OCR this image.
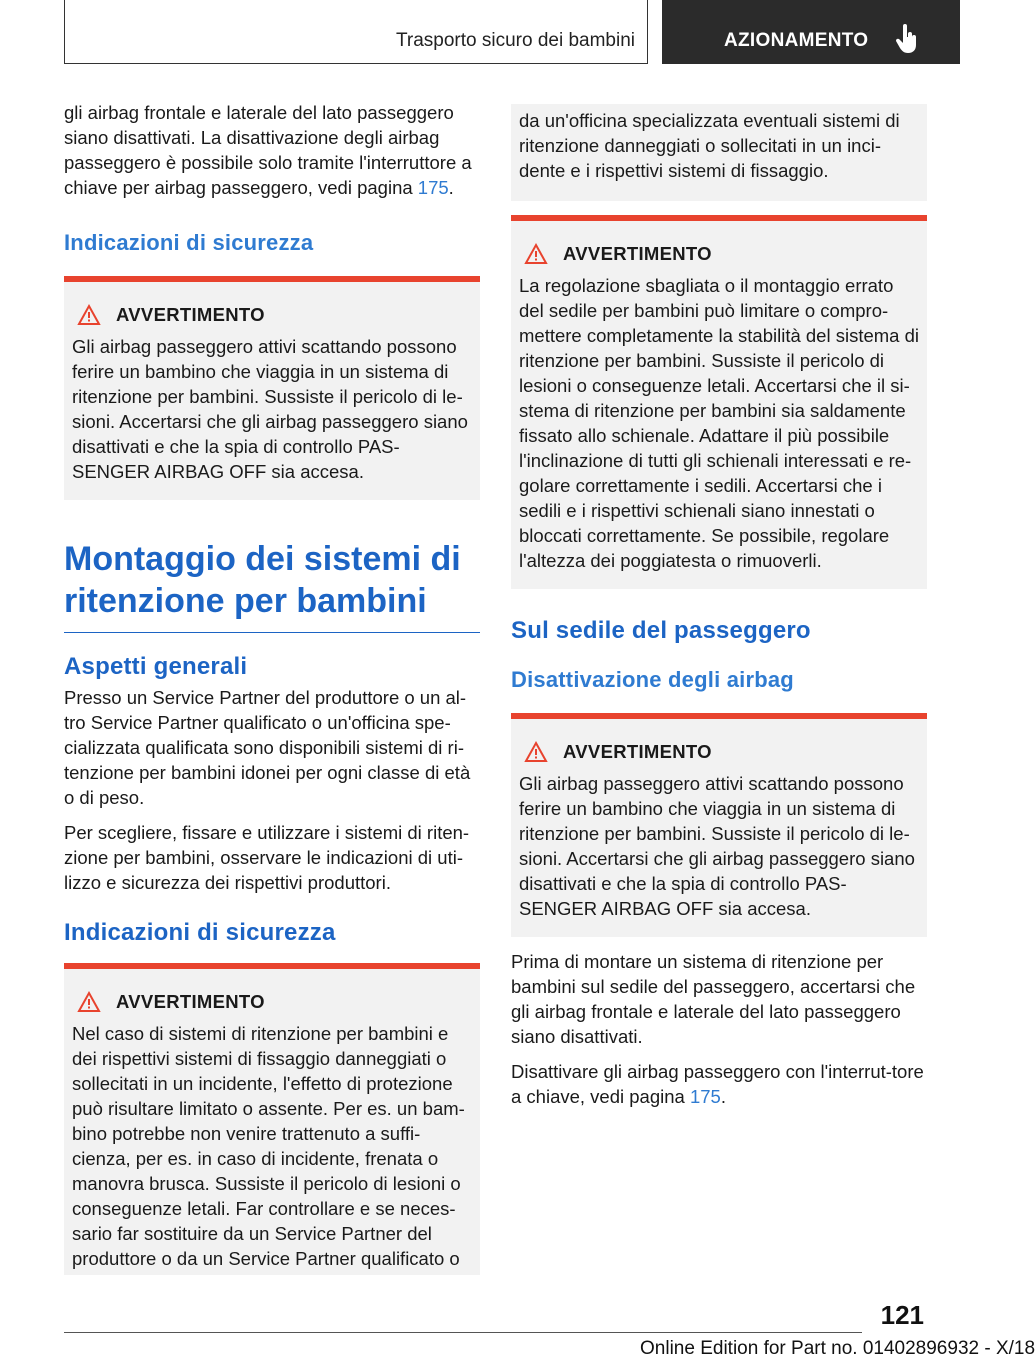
Trasporto sicuro dei bambini	AZIONAMENTO

gli airbag frontale e laterale del lato passeggero siano disattivati. La disattivazione degli airbag passeggero è possibile solo tramite l'interruttore a chiave per airbag passeggero, vedi pagina 175.

Indicazioni di sicurezza
AVVERTIMENTO

Gli airbag passeggero attivi scattando possono ferire un bambino che viaggia in un sistema di ritenzione per bambini. Sussiste il pericolo di le-sioni. Accertarsi che gli airbag passeggero siano disattivati e che la spia di controllo PAS-SENGER AIRBAG OFF sia accesa.

Montaggio dei sistemi di ritenzione per bambini
Aspetti generali

Presso un Service Partner del produttore o un al-tro Service Partner qualificato o un'officina spe-cializzata qualificata sono disponibili sistemi di ri-tenzione per bambini idonei per ogni classe di età o di peso.

Per scegliere, fissare e utilizzare i sistemi di riten-zione per bambini, osservare le indicazioni di uti-lizzo e sicurezza dei rispettivi produttori.

Indicazioni di sicurezza
AVVERTIMENTO

Nel caso di sistemi di ritenzione per bambini e dei rispettivi sistemi di fissaggio danneggiati o sollecitati in un incidente, l'effetto di protezione può risultare limitato o assente. Per es. un bam-bino potrebbe non venire trattenuto a suffi-cienza, per es. in caso di incidente, frenata o manovra brusca. Sussiste il pericolo di lesioni o conseguenze letali. Far controllare e se neces-sario far sostituire da un Service Partner del produttore o da un Service Partner qualificato o

da un'officina specializzata eventuali sistemi di ritenzione danneggiati o sollecitati in un inci-dente e i rispettivi sistemi di fissaggio.

AVVERTIMENTO

La regolazione sbagliata o il montaggio errato del sedile per bambini può limitare o compro-mettere completamente la stabilità del sistema di ritenzione per bambini. Sussiste il pericolo di lesioni o conseguenze letali. Accertarsi che il si-stema di ritenzione per bambini sia saldamente fissato allo schienale. Adattare il più possibile l'inclinazione di tutti gli schienali interessati e re-golare correttamente i sedili. Accertarsi che i sedili e i rispettivi schienali siano innestati o bloccati correttamente. Se possibile, regolare l'altezza dei poggiatesta o rimuoverli.

Sul sedile del passeggero
Disattivazione degli airbag
AVVERTIMENTO

Gli airbag passeggero attivi scattando possono ferire un bambino che viaggia in un sistema di ritenzione per bambini. Sussiste il pericolo di le-sioni. Accertarsi che gli airbag passeggero siano disattivati e che la spia di controllo PAS-SENGER AIRBAG OFF sia accesa.

Prima di montare un sistema di ritenzione per bambini sul sedile del passeggero, accertarsi che gli airbag frontale e laterale del lato passeggero siano disattivati.

Disattivare gli airbag passeggero con l'interrut-tore a chiave, vedi pagina 175.

121
Online Edition for Part no. 01402896932 - X/18
